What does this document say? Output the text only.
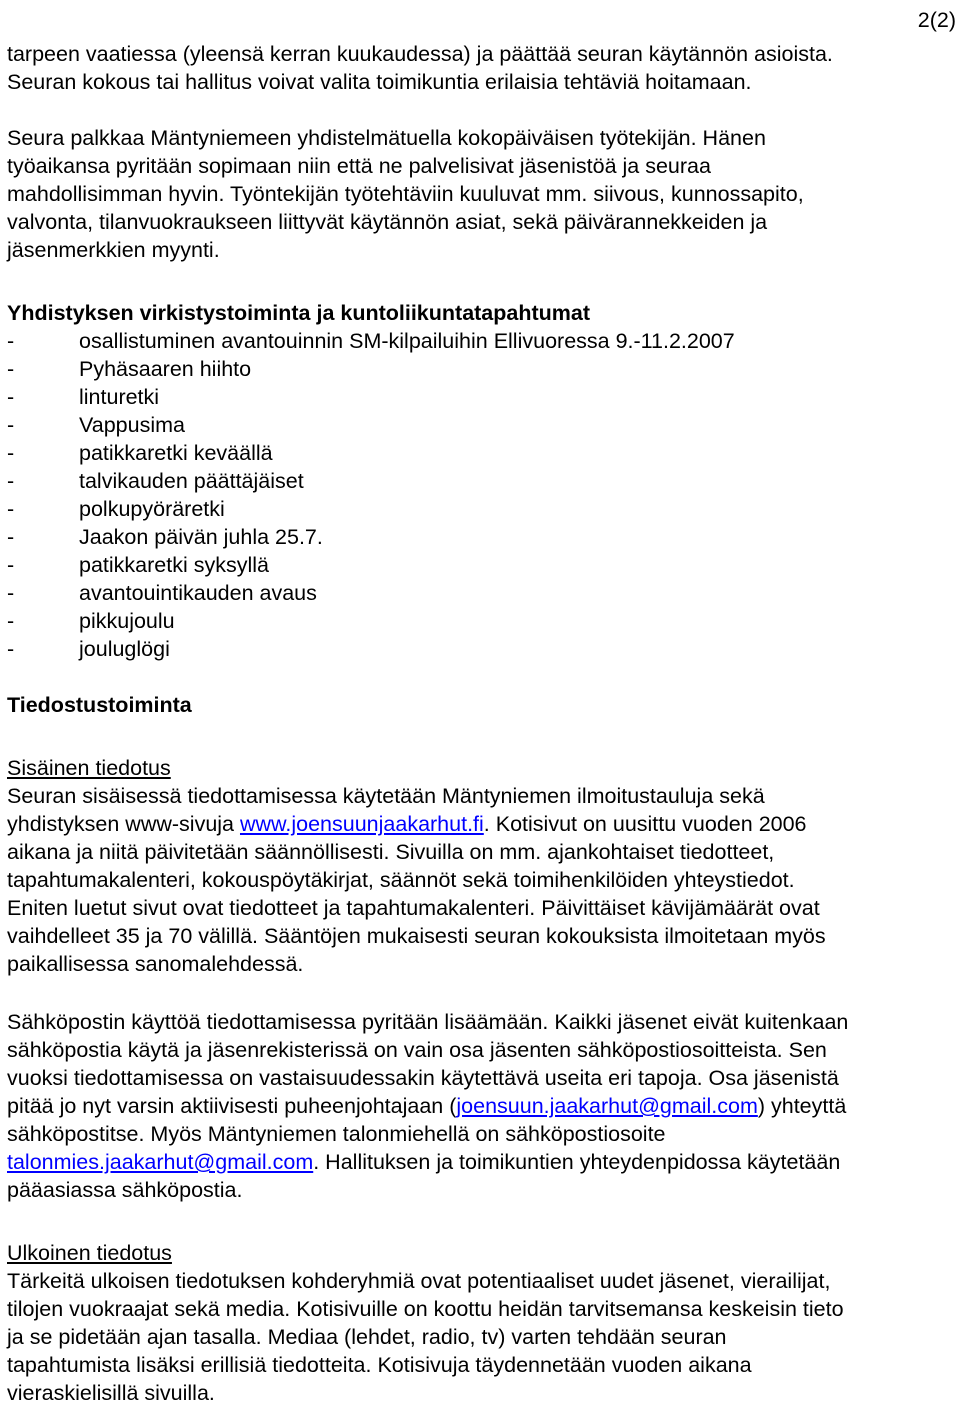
2(2)

tarpeen vaatiessa (yleensä kerran kuukaudessa) ja päättää seuran käytännön asioista.
Seuran kokous tai hallitus voivat valita toimikuntia erilaisia tehtäviä hoitamaan.

Seura palkkaa Mäntyniemeen yhdistelmätuella kokopäiväisen työtekijän. Hänen
työaikansa pyritään sopimaan niin että ne palvelisivat jäsenistöä ja seuraa
mahdollisimman hyvin. Työntekijän työtehtäviin kuuluvat mm. siivous, kunnossapito,
valvonta, tilanvuokraukseen liittyvät käytännön asiat, sekä päivärannekkeiden ja
jäsenmerkkien myynti.

Yhdistyksen virkistystoiminta ja kuntoliikuntatapahtumat
-	osallistuminen avantouinnin SM-kilpailuihin Ellivuoressa 9.-11.2.2007
-	Pyhäsaaren hiihto
-	linturetki
-	Vappusima
-	patikkaretki keväällä
-	talvikauden päättäjäiset
-	polkupyöräretki
-	Jaakon päivän juhla 25.7.
-	patikkaretki syksyllä
-	avantouintikauden avaus
-	pikkujoulu
-	jouluglögi
Tiedostustoiminta

Sisäinen tiedotus
Seuran sisäisessä tiedottamisessa käytetään Mäntyniemen ilmoitustauluja sekä
yhdistyksen www-sivuja www.joensuunjaakarhut.fi. Kotisivut on uusittu vuoden 2006
aikana ja niitä päivitetään säännöllisesti. Sivuilla on mm. ajankohtaiset tiedotteet,
tapahtumakalenteri, kokouspöytäkirjat, säännöt sekä toimihenkilöiden yhteystiedot.
Eniten luetut sivut ovat tiedotteet ja tapahtumakalenteri. Päivittäiset kävijämäärät ovat
vaihdelleet 35 ja 70 välillä. Sääntöjen mukaisesti seuran kokouksista ilmoitetaan myös
paikallisessa sanomalehdessä.

Sähköpostin käyttöä tiedottamisessa pyritään lisäämään. Kaikki jäsenet eivät kuitenkaan
sähköpostia käytä ja jäsenrekisterissä on vain osa jäsenten sähköpostiosoitteista. Sen
vuoksi tiedottamisessa on vastaisuudessakin käytettävä useita eri tapoja. Osa jäsenistä
pitää jo nyt varsin aktiivisesti puheenjohtajaan (joensuun.jaakarhut@gmail.com) yhteyttä
sähköpostitse. Myös Mäntyniemen talonmiehellä on sähköpostiosoite
talonmies.jaakarhut@gmail.com. Hallituksen ja toimikuntien yhteydenpidossa käytetään
pääasiassa sähköpostia.

Ulkoinen tiedotus
Tärkeitä ulkoisen tiedotuksen kohderyhmiä ovat potentiaaliset uudet jäsenet, vierailijat,
tilojen vuokraajat sekä media. Kotisivuille on koottu heidän tarvitsemansa keskeisin tieto
ja se pidetään ajan tasalla. Mediaa (lehdet, radio, tv) varten tehdään seuran
tapahtumista lisäksi erillisiä tiedotteita. Kotisivuja täydennetään vuoden aikana
vieraskielisillä sivuilla.
